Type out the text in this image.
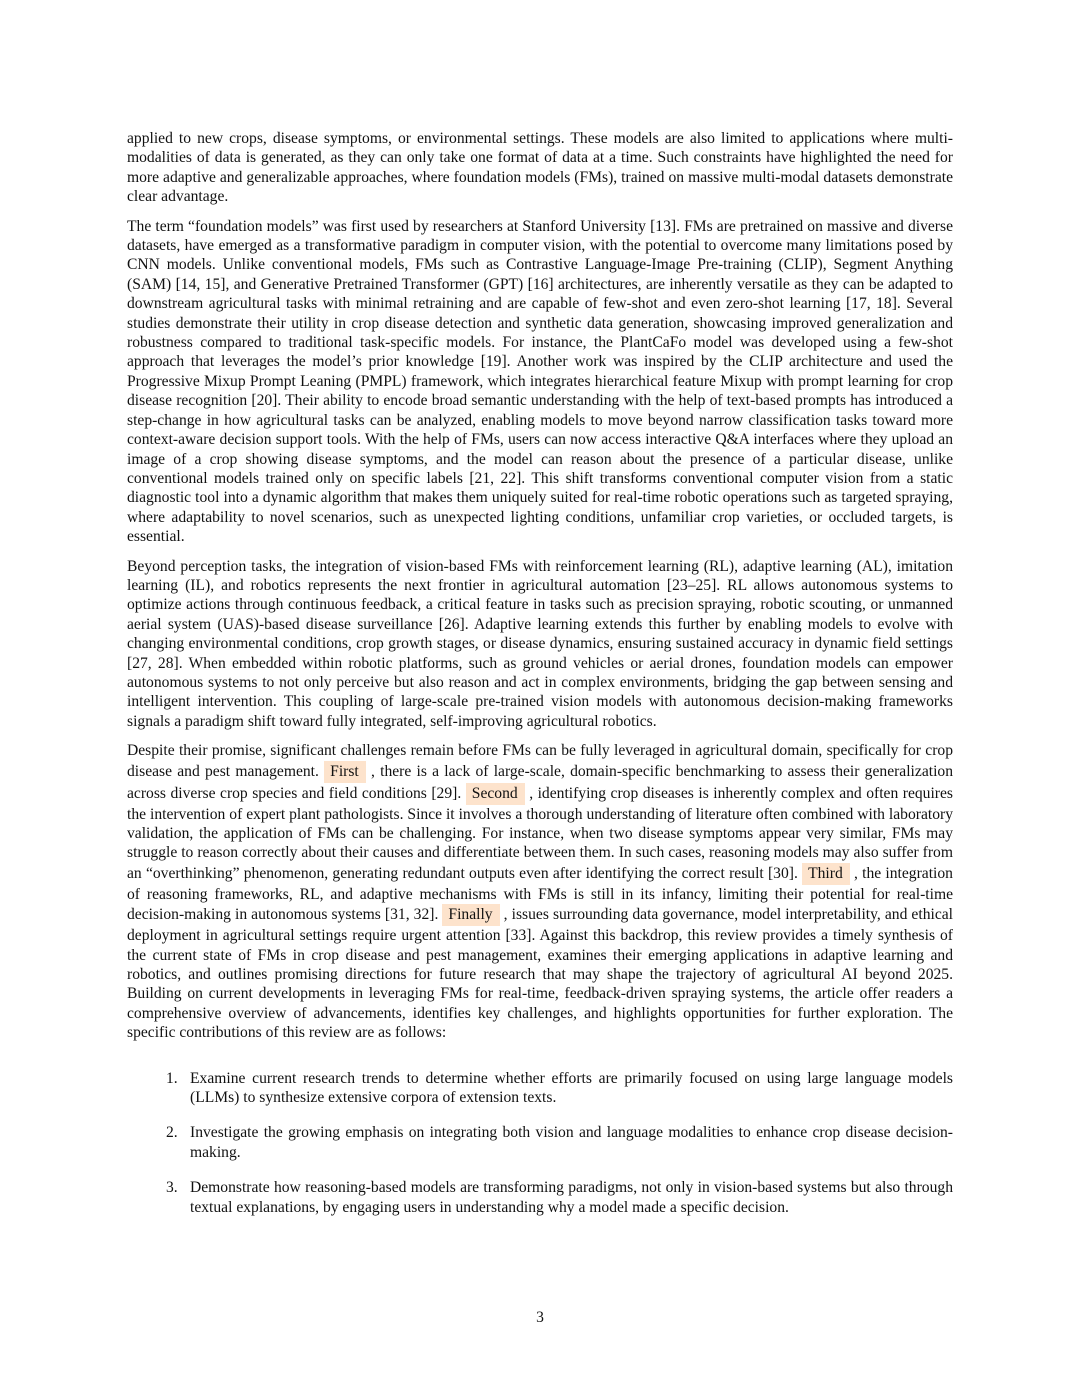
applied to new crops, disease symptoms, or environmental settings. These models are also limited to applications where multi-modalities of data is generated, as they can only take one format of data at a time. Such constraints have highlighted the need for more adaptive and generalizable approaches, where foundation models (FMs), trained on massive multi-modal datasets demonstrate clear advantage.

The term “foundation models” was first used by researchers at Stanford University [13]. FMs are pretrained on massive and diverse datasets, have emerged as a transformative paradigm in computer vision, with the potential to overcome many limitations posed by CNN models. Unlike conventional models, FMs such as Contrastive Language-Image Pre-training (CLIP), Segment Anything (SAM) [14, 15], and Generative Pretrained Transformer (GPT) [16] architectures, are inherently versatile as they can be adapted to downstream agricultural tasks with minimal retraining and are capable of few-shot and even zero-shot learning [17, 18]. Several studies demonstrate their utility in crop disease detection and synthetic data generation, showcasing improved generalization and robustness compared to traditional task-specific models. For instance, the PlantCaFo model was developed using a few-shot approach that leverages the model’s prior knowledge [19]. Another work was inspired by the CLIP architecture and used the Progressive Mixup Prompt Leaning (PMPL) framework, which integrates hierarchical feature Mixup with prompt learning for crop disease recognition [20]. Their ability to encode broad semantic understanding with the help of text-based prompts has introduced a step-change in how agricultural tasks can be analyzed, enabling models to move beyond narrow classification tasks toward more context-aware decision support tools. With the help of FMs, users can now access interactive Q&A interfaces where they upload an image of a crop showing disease symptoms, and the model can reason about the presence of a particular disease, unlike conventional models trained only on specific labels [21, 22]. This shift transforms conventional computer vision from a static diagnostic tool into a dynamic algorithm that makes them uniquely suited for real-time robotic operations such as targeted spraying, where adaptability to novel scenarios, such as unexpected lighting conditions, unfamiliar crop varieties, or occluded targets, is essential.

Beyond perception tasks, the integration of vision-based FMs with reinforcement learning (RL), adaptive learning (AL), imitation learning (IL), and robotics represents the next frontier in agricultural automation [23–25]. RL allows autonomous systems to optimize actions through continuous feedback, a critical feature in tasks such as precision spraying, robotic scouting, or unmanned aerial system (UAS)-based disease surveillance [26]. Adaptive learning extends this further by enabling models to evolve with changing environmental conditions, crop growth stages, or disease dynamics, ensuring sustained accuracy in dynamic field settings [27, 28]. When embedded within robotic platforms, such as ground vehicles or aerial drones, foundation models can empower autonomous systems to not only perceive but also reason and act in complex environments, bridging the gap between sensing and intelligent intervention. This coupling of large-scale pre-trained vision models with autonomous decision-making frameworks signals a paradigm shift toward fully integrated, self-improving agricultural robotics.

Despite their promise, significant challenges remain before FMs can be fully leveraged in agricultural domain, specifically for crop disease and pest management. First , there is a lack of large-scale, domain-specific benchmarking to assess their generalization across diverse crop species and field conditions [29]. Second , identifying crop diseases is inherently complex and often requires the intervention of expert plant pathologists. Since it involves a thorough understanding of literature often combined with laboratory validation, the application of FMs can be challenging. For instance, when two disease symptoms appear very similar, FMs may struggle to reason correctly about their causes and differentiate between them. In such cases, reasoning models may also suffer from an “overthinking” phenomenon, generating redundant outputs even after identifying the correct result [30]. Third , the integration of reasoning frameworks, RL, and adaptive mechanisms with FMs is still in its infancy, limiting their potential for real-time decision-making in autonomous systems [31, 32]. Finally , issues surrounding data governance, model interpretability, and ethical deployment in agricultural settings require urgent attention [33]. Against this backdrop, this review provides a timely synthesis of the current state of FMs in crop disease and pest management, examines their emerging applications in adaptive learning and robotics, and outlines promising directions for future research that may shape the trajectory of agricultural AI beyond 2025. Building on current developments in leveraging FMs for real-time, feedback-driven spraying systems, the article offer readers a comprehensive overview of advancements, identifies key challenges, and highlights opportunities for further exploration. The specific contributions of this review are as follows:

1. Examine current research trends to determine whether efforts are primarily focused on using large language models (LLMs) to synthesize extensive corpora of extension texts.
2. Investigate the growing emphasis on integrating both vision and language modalities to enhance crop disease decision-making.
3. Demonstrate how reasoning-based models are transforming paradigms, not only in vision-based systems but also through textual explanations, by engaging users in understanding why a model made a specific decision.
3
